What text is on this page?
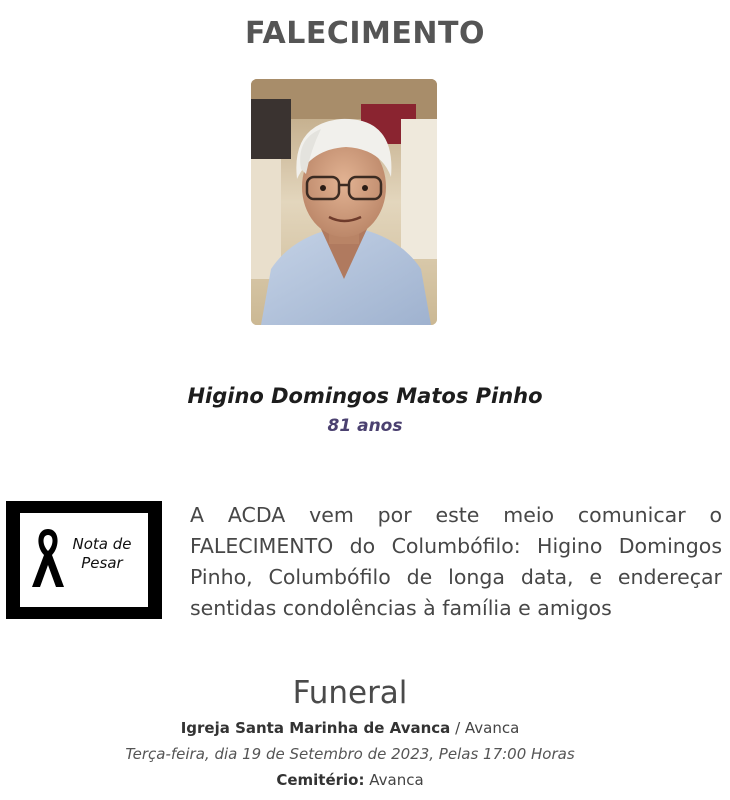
FALECIMENTO
Higino Domingos Matos Pinho
81 anos
Nota de
Pesar
A ACDA vem por este meio comunicar o FALECIMENTO do Columbófilo: Higino Domingos Pinho, Columbófilo de longa data, e endereçar sentidas condolências à família e amigos
Funeral
Igreja Santa Marinha de Avanca / Avanca
Terça-feira, dia 19 de Setembro de 2023, Pelas 17:00 Horas
Cemitério: Avanca
